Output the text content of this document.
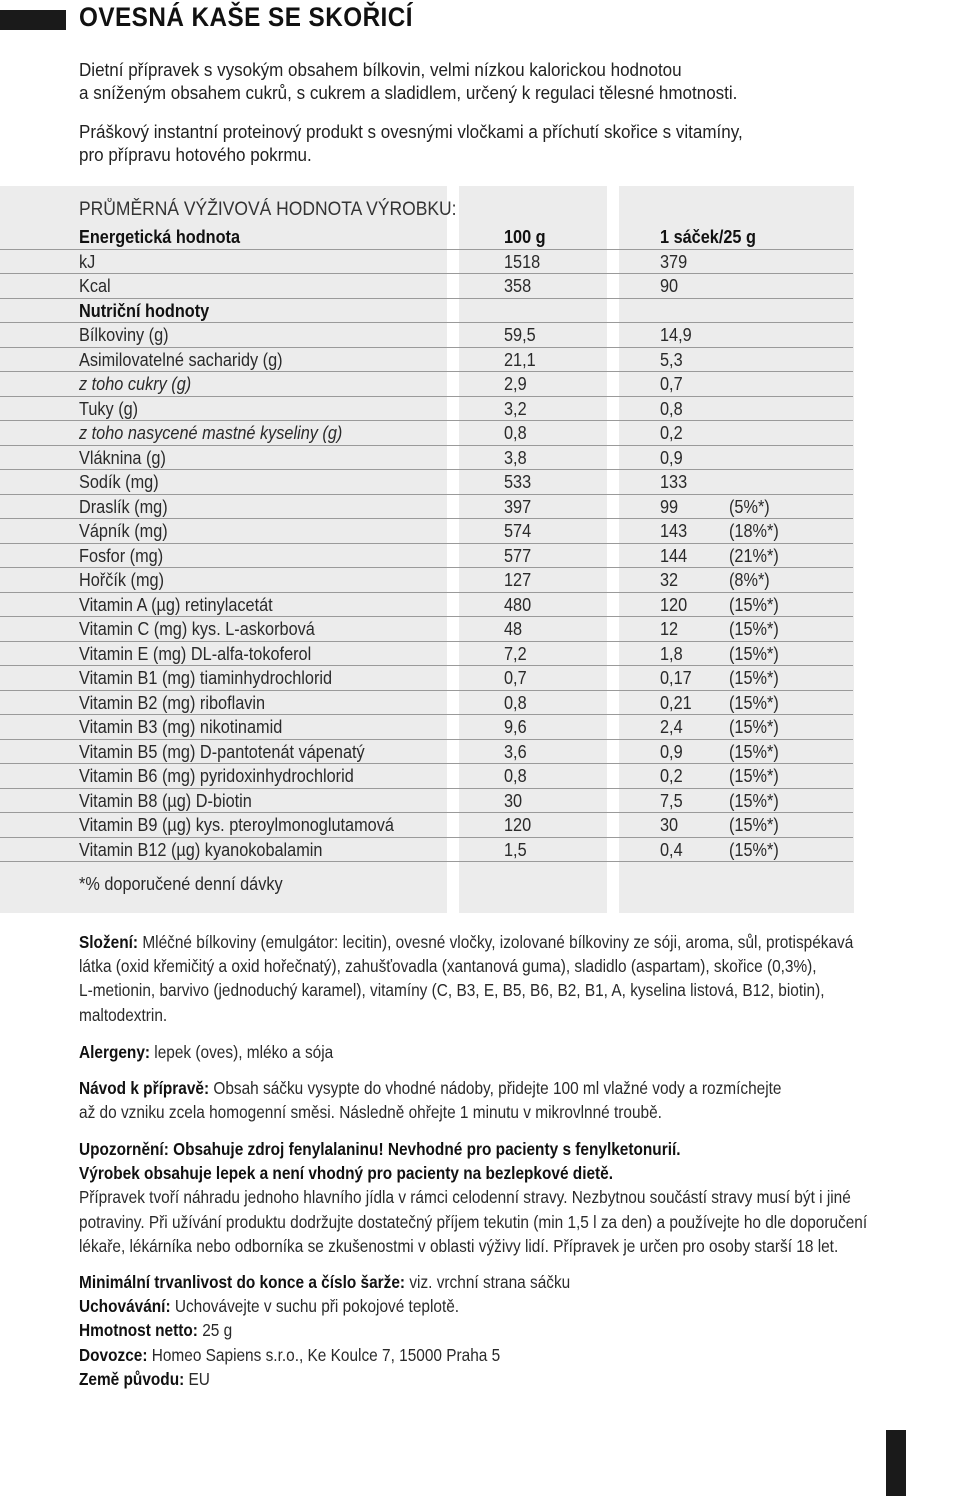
OVESNÁ KAŠE SE SKOŘICÍ

Dietní přípravek s vysokým obsahem bílkovin, velmi nízkou kalorickou hodnotou
a sníženým obsahem cukrů, s cukrem a sladidlem, určený k regulaci tělesné hmotnosti.

Práškový instantní proteinový produkt s ovesnými vločkami a příchutí skořice s vitamíny,
pro přípravu hotového pokrmu.

PRŮMĚRNÁ VÝŽIVOVÁ HODNOTA VÝROBKU:
Energetická hodnota	100 g	1 sáček/25 g
kJ	1518	379
Kcal	358	90
Nutriční hodnoty
Bílkoviny (g)	59,5	14,9
Asimilovatelné sacharidy (g)	21,1	5,3
z toho cukry (g)	2,9	0,7
Tuky (g)	3,2	0,8
z toho nasycené mastné kyseliny (g)	0,8	0,2
Vláknina (g)	3,8	0,9
Sodík (mg)	533	133
Draslík (mg)	397	99	(5%*)
Vápník (mg)	574	143 (18%*)
Fosfor (mg)	577	144 (21%*)
Hořčík (mg)	127	32	(8%*)
Vitamin A (µg) retinylacetát	480	120 (15%*)
Vitamin C (mg) kys. L-askorbová	48	12	(15%*)
Vitamin E (mg) DL-alfa-tokoferol	7,2	1,8	(15%*)
Vitamin B1 (mg) tiaminhydrochlorid	0,7	0,17 (15%*)
Vitamin B2 (mg) riboflavin	0,8	0,21 (15%*)
Vitamin B3 (mg) nikotinamid	9,6	2,4	(15%*)
Vitamin B5 (mg) D-pantotenát vápenatý	3,6	0,9	(15%*)
Vitamin B6 (mg) pyridoxinhydrochlorid	0,8	0,2	(15%*)
Vitamin B8 (µg) D-biotin	30	7,5	(15%*)
Vitamin B9 (µg) kys. pteroylmonoglutamová	120	30	(15%*)
Vitamin B12 (µg) kyanokobalamin	1,5	0,4	(15%*)
*% doporučené denní dávky

Složení: Mléčné bílkoviny (emulgátor: lecitin), ovesné vločky, izolované bílkoviny ze sóji, aroma, sůl, protispékavá
látka (oxid křemičitý a oxid hořečnatý), zahušťovadla (xantanová guma), sladidlo (aspartam), skořice (0,3%),
L-metionin, barvivo (jednoduchý karamel), vitamíny (C, B3, E, B5, B6, B2, B1, A, kyselina listová, B12, biotin),
maltodextrin.

Alergeny: lepek (oves), mléko a sója

Návod k přípravě: Obsah sáčku vysypte do vhodné nádoby, přidejte 100 ml vlažné vody a rozmíchejte
až do vzniku zcela homogenní směsi. Následně ohřejte 1 minutu v mikrovlnné troubě.

Upozornění: Obsahuje zdroj fenylalaninu! Nevhodné pro pacienty s fenylketonurií.
Výrobek obsahuje lepek a není vhodný pro pacienty na bezlepkové dietě.
Přípravek tvoří náhradu jednoho hlavního jídla v rámci celodenní stravy. Nezbytnou součástí stravy musí být i jiné
potraviny. Při užívání produktu dodržujte dostatečný příjem tekutin (min 1,5 l za den) a používejte ho dle doporučení
lékaře, lékárníka nebo odborníka se zkušenostmi v oblasti výživy lidí. Přípravek je určen pro osoby starší 18 let.

Minimální trvanlivost do konce a číslo šarže: viz. vrchní strana sáčku
Uchovávání: Uchovávejte v suchu při pokojové teplotě.
Hmotnost netto: 25 g
Dovozce: Homeo Sapiens s.r.o., Ke Koulce 7, 15000 Praha 5
Země původu: EU
